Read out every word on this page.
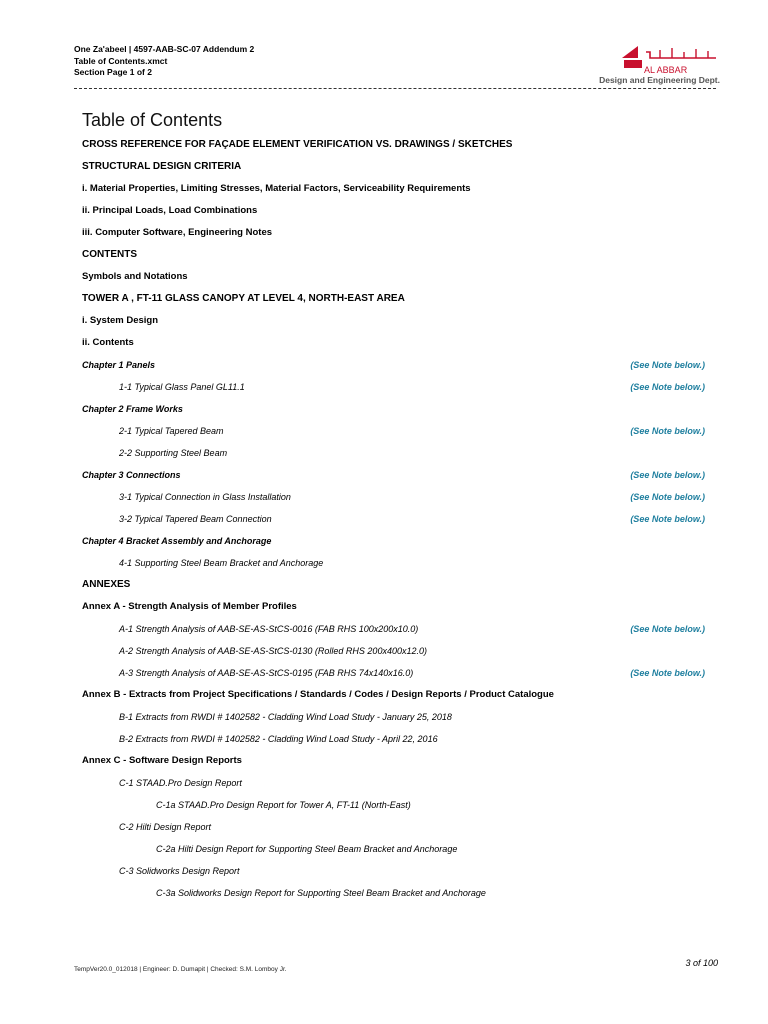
One Za'abeel | 4597-AAB-SC-07 Addendum 2
Table of Contents.xmct
Section Page 1 of 2	AL ABBAR
Design and Engineering Dept.
Table of Contents
CROSS REFERENCE FOR FAÇADE ELEMENT VERIFICATION VS. DRAWINGS / SKETCHES
STRUCTURAL DESIGN CRITERIA
i. Material Properties, Limiting Stresses, Material Factors, Serviceability Requirements
ii. Principal Loads, Load Combinations
iii. Computer Software, Engineering Notes
CONTENTS
Symbols and Notations
TOWER A , FT-11 GLASS CANOPY AT LEVEL 4, NORTH-EAST AREA
i. System Design
ii. Contents
Chapter 1 Panels	(See Note below.)
1-1 Typical Glass Panel GL11.1	(See Note below.)
Chapter 2 Frame Works
2-1 Typical Tapered Beam	(See Note below.)
2-2 Supporting Steel Beam
Chapter 3 Connections	(See Note below.)
3-1 Typical Connection in Glass Installation	(See Note below.)
3-2 Typical Tapered Beam Connection	(See Note below.)
Chapter 4 Bracket Assembly and Anchorage
4-1 Supporting Steel Beam Bracket and Anchorage
ANNEXES
Annex A - Strength Analysis of Member Profiles
A-1 Strength Analysis of AAB-SE-AS-StCS-0016 (FAB RHS 100x200x10.0)	(See Note below.)
A-2 Strength Analysis of AAB-SE-AS-StCS-0130 (Rolled RHS 200x400x12.0)
A-3 Strength Analysis of AAB-SE-AS-StCS-0195 (FAB RHS 74x140x16.0)	(See Note below.)
Annex B - Extracts from Project Specifications / Standards / Codes / Design Reports / Product Catalogue
B-1 Extracts from RWDI # 1402582 - Cladding Wind Load Study - January 25, 2018
B-2 Extracts from RWDI # 1402582 - Cladding Wind Load Study - April 22, 2016
Annex C - Software Design Reports
C-1 STAAD.Pro Design Report
C-1a STAAD.Pro Design Report for Tower A, FT-11 (North-East)
C-2 Hilti Design Report
C-2a Hilti Design Report for Supporting Steel Beam Bracket and Anchorage
C-3 Solidworks Design Report
C-3a Solidworks Design Report for Supporting Steel Beam Bracket and Anchorage
3 of 100
TempVer20.0_012018 | Engineer: D. Dumapit | Checked: S.M. Lomboy Jr.
